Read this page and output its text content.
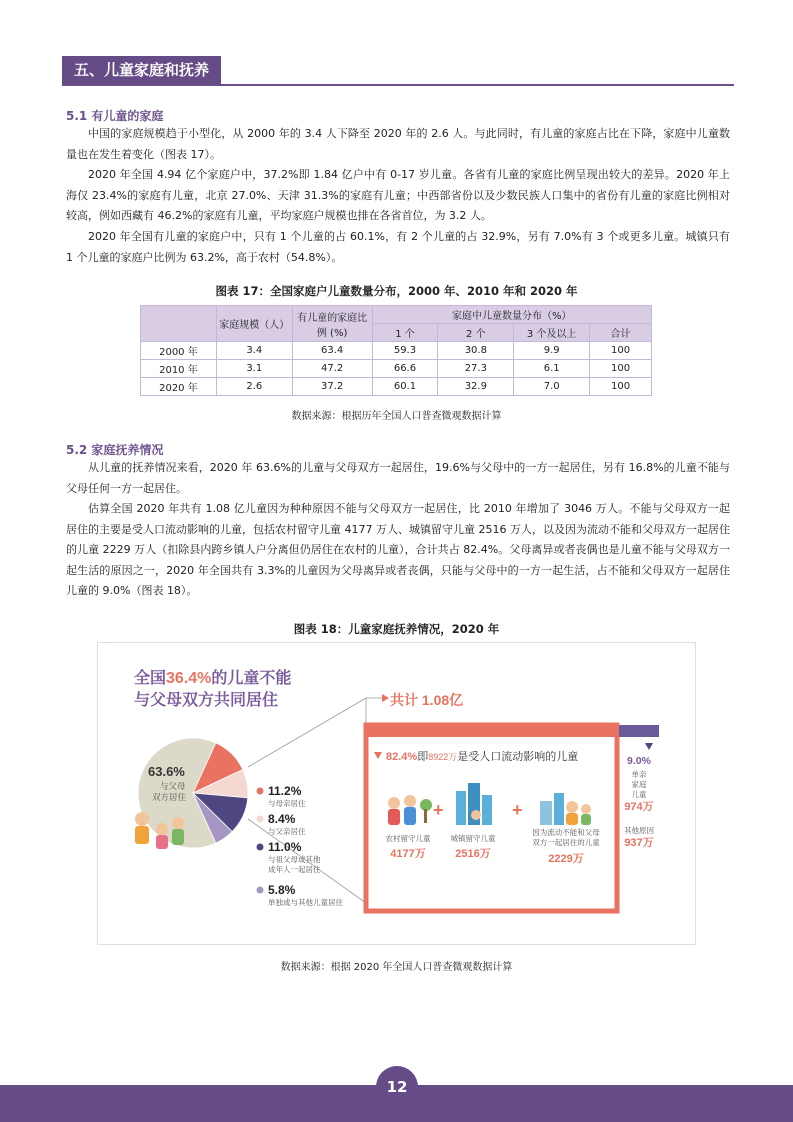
五、儿童家庭和抚养
5.1 有儿童的家庭

中国的家庭规模趋于小型化，从 2000 年的 3.4 人下降至 2020 年的 2.6 人。与此同时，有儿童的家庭占比在下降，家庭中儿童数量也在发生着变化（图表 17）。

2020 年全国 4.94 亿个家庭户中，37.2%即 1.84 亿户中有 0-17 岁儿童。各省有儿童的家庭比例呈现出较大的差异。2020 年上海仅 23.4%的家庭有儿童，北京 27.0%、天津 31.3%的家庭有儿童；中西部省份以及少数民族人口集中的省份有儿童的家庭比例相对较高，例如西藏有 46.2%的家庭有儿童，平均家庭户规模也排在各省首位，为 3.2 人。

2020 年全国有儿童的家庭户中，只有 1 个儿童的占 60.1%，有 2 个儿童的占 32.9%，另有 7.0%有 3 个或更多儿童。城镇只有 1 个儿童的家庭户比例为 63.2%，高于农村（54.8%）。

图表 17：全国家庭户儿童数量分布，2000 年、2010 年和 2020 年
	家庭规模（人）	有儿童的家庭比例 (%)	家庭中儿童数量分布（%）			
			1 个	2 个	3 个及以上	合计
2000 年	3.4	63.4	59.3	30.8	9.9	100
2010 年	3.1	47.2	66.6	27.3	6.1	100
2020 年	2.6	37.2	60.1	32.9	7.0	100
数据来源：根据历年全国人口普查微观数据计算
5.2 家庭抚养情况

从儿童的抚养情况来看，2020 年 63.6%的儿童与父母双方一起居住，19.6%与父母中的一方一起居住，另有 16.8%的儿童不能与父母任何一方一起居住。

估算全国 2020 年共有 1.08 亿儿童因为种种原因不能与父母双方一起居住，比 2010 年增加了 3046 万人。不能与父母双方一起居住的主要是受人口流动影响的儿童，包括农村留守儿童 4177 万人、城镇留守儿童 2516 万人，以及因为流动不能和父母双方一起居住的儿童 2229 万人（扣除县内跨乡镇人户分离但仍居住在农村的儿童），合计共占 82.4%。父母离异或者丧偶也是儿童不能与父母双方一起生活的原因之一，2020 年全国共有 3.3%的儿童因为父母离异或者丧偶，只能与父母中的一方一起生活，占不能和父母双方一起居住儿童的 9.0%（图表 18）。

图表 18：儿童家庭抚养情况，2020 年
全国36.4%的儿童不能
与父母双方共同居住
63.6%
与父母
双方居住	11.2%
与母亲居住
8.4%
与父亲居住
11.0%
与祖父母或其他
成年人一起居住
5.8%
单独或与其他儿童居住
共计 1.08亿
82.4%即8922万是受人口流动影响的儿童
+	+
农村留守儿童
4177万
城镇留守儿童
2516万
因为流动不能和父母
双方一起居住的儿童
2229万
9.0%
单亲
家庭
儿童
974万
其他原因
937万
数据来源：根据 2020 年全国人口普查微观数据计算
12
